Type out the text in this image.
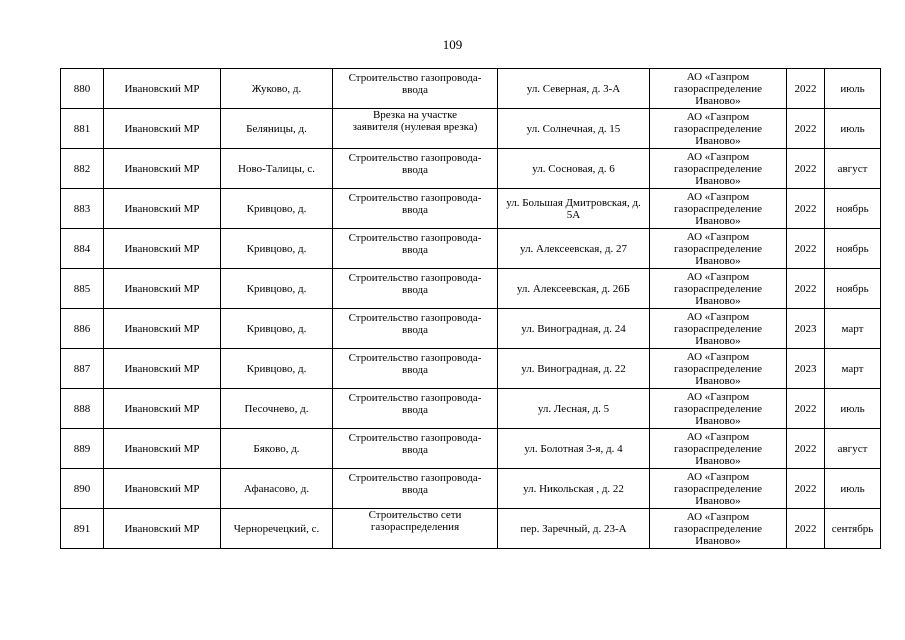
109
880	Ивановский МР	Жуково, д.	Строительство газопровода-ввода	ул. Северная, д. 3-А	АО «Газпром газораспределение Иваново»	2022	июль
881	Ивановский МР	Беляницы, д.	Врезка на участке заявителя (нулевая врезка)	ул. Солнечная, д. 15	АО «Газпром газораспределение Иваново»	2022	июль
882	Ивановский МР	Ново-Талицы, с.	Строительство газопровода-ввода	ул. Сосновая, д. 6	АО «Газпром газораспределение Иваново»	2022	август
883	Ивановский МР	Кривцово, д.	Строительство газопровода-ввода	ул. Большая Дмитровская, д. 5А	АО «Газпром газораспределение Иваново»	2022	ноябрь
884	Ивановский МР	Кривцово, д.	Строительство газопровода-ввода	ул. Алексеевская, д. 27	АО «Газпром газораспределение Иваново»	2022	ноябрь
885	Ивановский МР	Кривцово, д.	Строительство газопровода-ввода	ул. Алексеевская, д. 26Б	АО «Газпром газораспределение Иваново»	2022	ноябрь
886	Ивановский МР	Кривцово, д.	Строительство газопровода-ввода	ул. Виноградная, д. 24	АО «Газпром газораспределение Иваново»	2023	март
887	Ивановский МР	Кривцово, д.	Строительство газопровода-ввода	ул. Виноградная, д. 22	АО «Газпром газораспределение Иваново»	2023	март
888	Ивановский МР	Песочнево, д.	Строительство газопровода-ввода	ул. Лесная, д. 5	АО «Газпром газораспределение Иваново»	2022	июль
889	Ивановский МР	Бяково, д.	Строительство газопровода-ввода	ул. Болотная 3-я, д. 4	АО «Газпром газораспределение Иваново»	2022	август
890	Ивановский МР	Афанасово, д.	Строительство газопровода-ввода	ул. Никольская , д. 22	АО «Газпром газораспределение Иваново»	2022	июль
891	Ивановский МР	Черноречецкий, с.	Строительство сети газораспределения	пер. Заречный, д. 23-А	АО «Газпром газораспределение Иваново»	2022	сентябрь
